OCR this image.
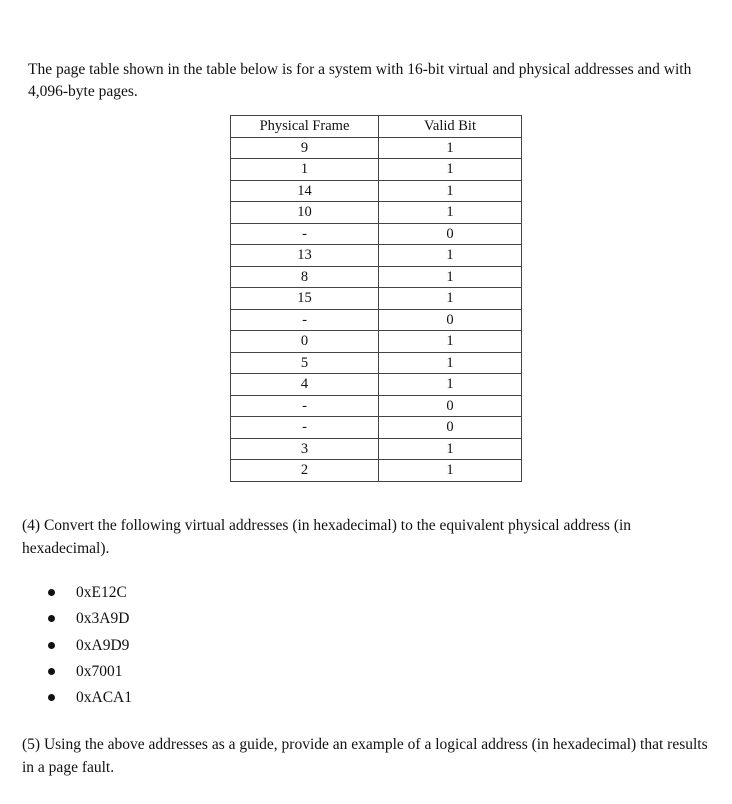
The page table shown in the table below is for a system with 16-bit virtual and physical addresses and with 4,096-byte pages.
Physical Frame	Valid Bit
9	1
1	1
14	1
10	1
-	0
13	1
8	1
15	1
-	0
0	1
5	1
4	1
-	0
-	0
3	1
2	1
(4) Convert the following virtual addresses (in hexadecimal) to the equivalent physical address (in hexadecimal).
0xE12C
0x3A9D
0xA9D9
0x7001
0xACA1
(5) Using the above addresses as a guide, provide an example of a logical address (in hexadecimal) that results in a page fault.
